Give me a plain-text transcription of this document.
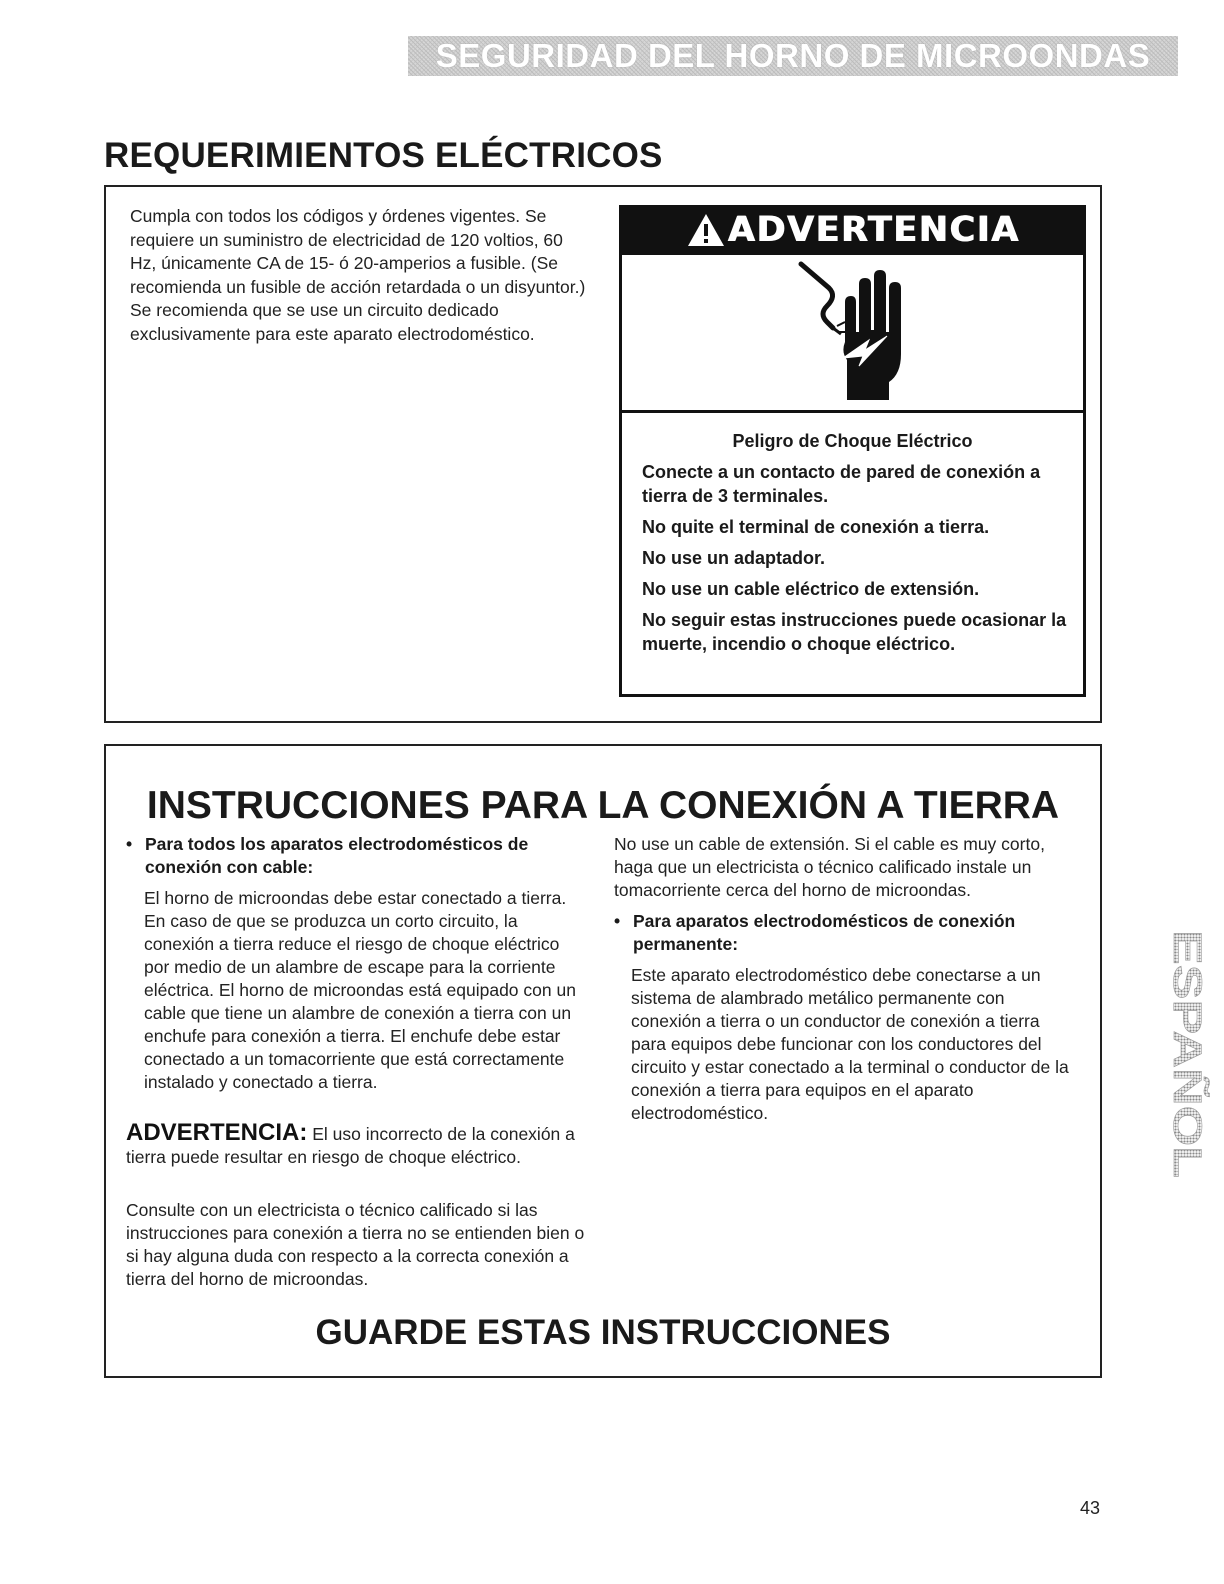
SEGURIDAD DEL HORNO DE MICROONDAS
REQUERIMIENTOS ELÉCTRICOS

Cumpla con todos los códigos y órdenes vigentes. Se requiere un suministro de electricidad de 120 voltios, 60 Hz, únicamente CA de 15- ó 20-amperios a fusible. (Se recomienda un fusible de acción retardada o un disyuntor.) Se recomienda que se use un circuito dedicado exclusivamente para este aparato electrodoméstico.

ADVERTENCIA

Peligro de Choque Eléctrico

Conecte a un contacto de pared de conexión a tierra de 3 terminales.
No quite el terminal de conexión a tierra.
No use un adaptador.
No use un cable eléctrico de extensión.
No seguir estas instrucciones puede ocasionar la muerte, incendio o choque eléctrico.
INSTRUCCIONES PARA LA CONEXIÓN A TIERRA

• Para todos los aparatos electrodomésticos de conexión con cable:

El horno de microondas debe estar conectado a tierra. En caso de que se produzca un corto circuito, la conexión a tierra reduce el riesgo de choque eléctrico por medio de un alambre de escape para la corriente eléctrica. El horno de microondas está equipado con un cable que tiene un alambre de conexión a tierra con un enchufe para conexión a tierra. El enchufe debe estar conectado a un tomacorriente que está correctamente instalado y conectado a tierra.

ADVERTENCIA: El uso incorrecto de la conexión a tierra puede resultar en riesgo de choque eléctrico.

Consulte con un electricista o técnico calificado si las instrucciones para conexión a tierra no se entienden bien o si hay alguna duda con respecto a la correcta conexión a tierra del horno de microondas.

No use un cable de extensión. Si el cable es muy corto, haga que un electricista o técnico calificado instale un tomacorriente cerca del horno de microondas.

• Para aparatos electrodomésticos de conexión permanente:

Este aparato electrodoméstico debe conectarse a un sistema de alambrado metálico permanente con conexión a tierra o un conductor de conexión a tierra para equipos debe funcionar con los conductores del circuito y estar conectado a la terminal o conductor de la conexión a tierra para equipos en el aparato electrodoméstico.

GUARDE ESTAS INSTRUCCIONES
ESPAÑOL
43
